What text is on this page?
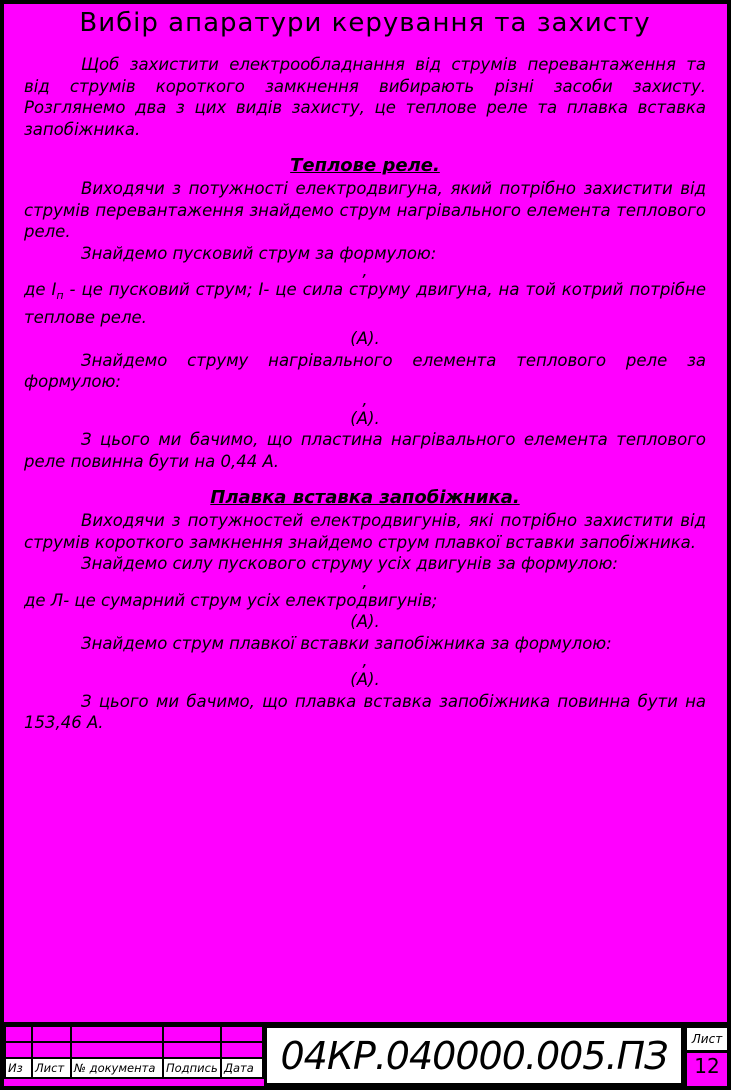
Вибір апаратури керування та захисту

Щоб захистити електрообладнання від струмів перевантаження та від струмів короткого замкнення вибирають різні засоби захисту. Розглянемо два з цих видів захисту, це теплове реле та плавка вставка запобіжника.

Теплове реле.

Виходячи з потужності електродвигуна, який потрібно захистити від струмів перевантаження знайдемо струм нагрівального елемента теплового реле.

Знайдемо пусковий струм за формулою:

,

де $І_п$ - це пусковий струм; І- це сила струму двигуна, на той котрий потрібне теплове реле.

(А).

Знайдемо струму нагрівального елемента теплового реле за формулою:

,
(А).

З цього ми бачимо, що пластина нагрівального елемента теплового реле повинна бути на 0,44 А.

Плавка вставка запобіжника.

Виходячи з потужностей електродвигунів, які потрібно захистити від струмів короткого замкнення знайдемо струм плавкої вставки запобіжника.

Знайдемо силу пускового струму усіх двигунів за формулою:

,

де Л- це сумарний струм усіх електродвигунів;

(А).

Знайдемо струм плавкої вставки запобіжника за формулою:

,
(А).

З цього ми бачимо, що плавка вставка запобіжника повинна бути на 153,46 А.

Из	Лист	№ документа	Подпись	Дата 04КР.040000.005.ПЗ	Лист
12
